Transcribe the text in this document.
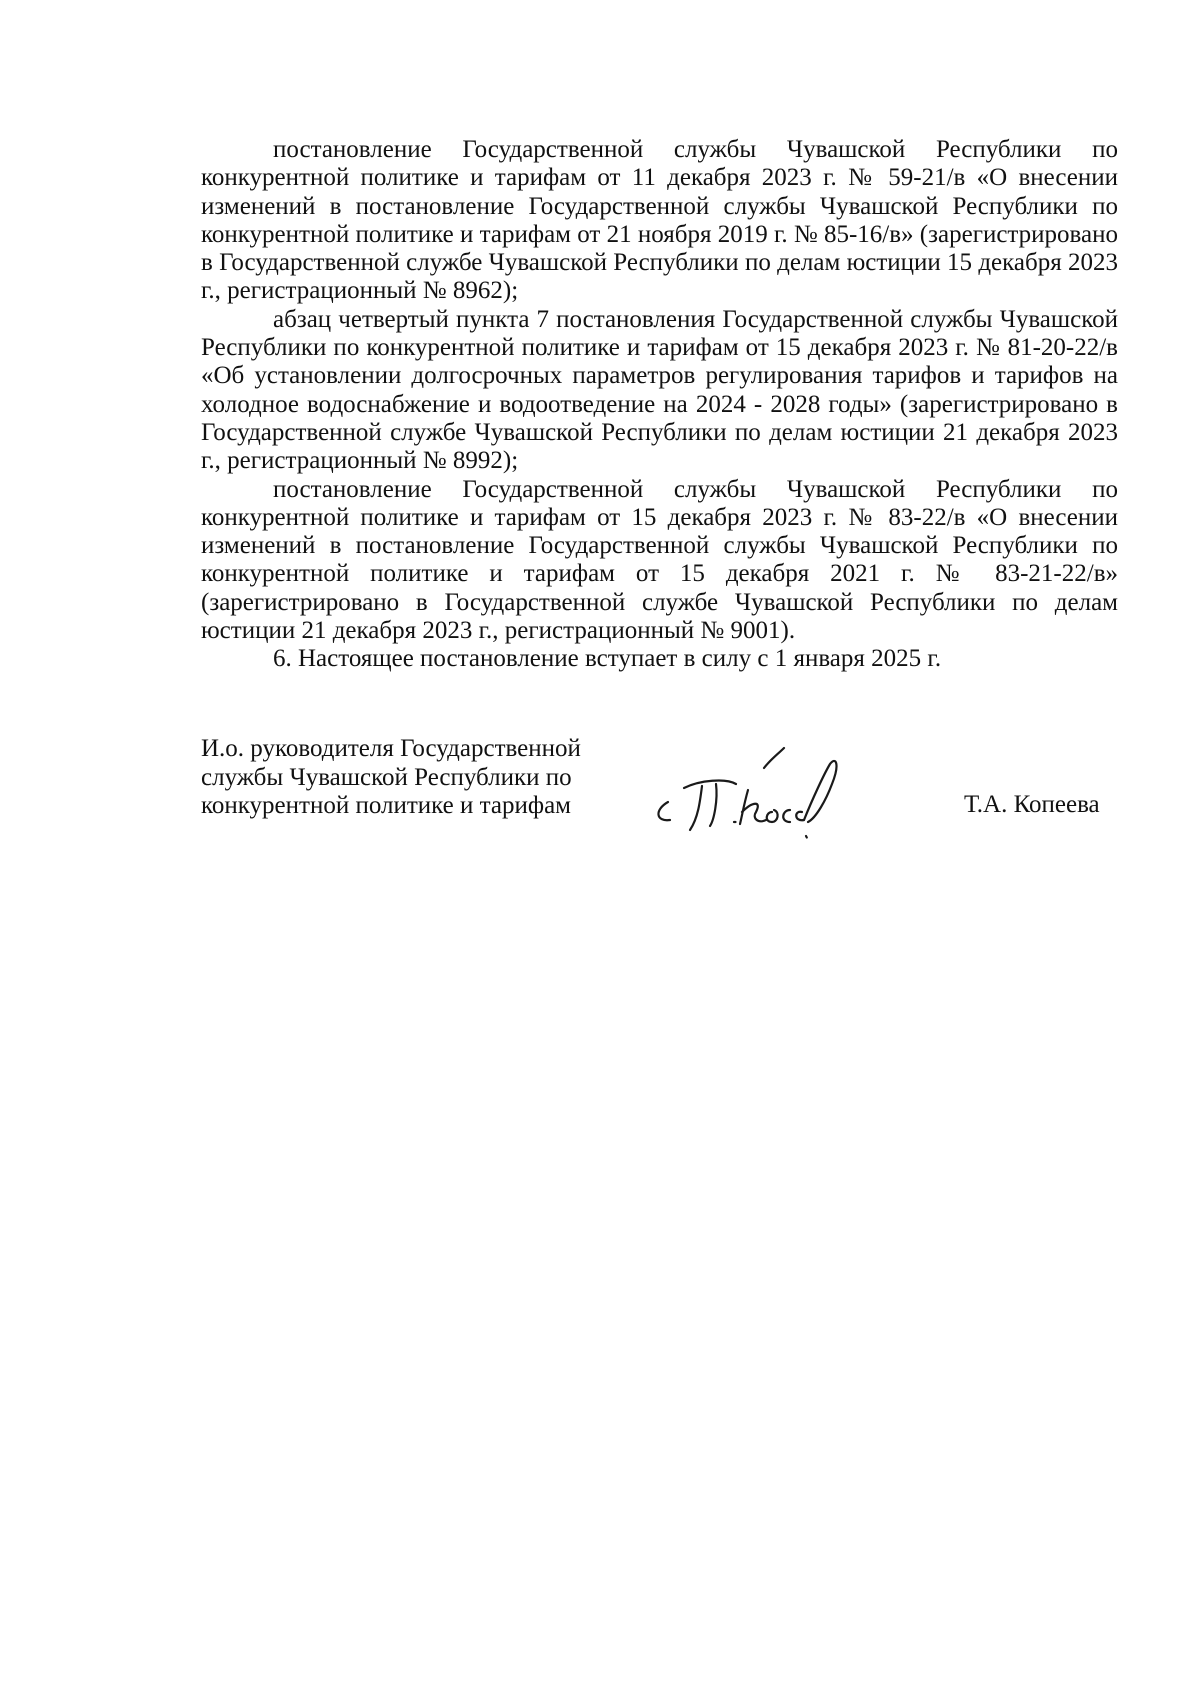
постановление Государственной службы Чувашской Республики по конкурентной политике и тарифам от 11 декабря 2023 г. № 59-21/в «О внесении изменений в постановление Государственной службы Чувашской Республики по конкурентной политике и тарифам от 21 ноября 2019 г. № 85-16/в» (зарегистрировано в Государственной службе Чувашской Республики по делам юстиции 15 декабря 2023 г., регистрационный № 8962);

абзац четвертый пункта 7 постановления Государственной службы Чувашской Республики по конкурентной политике и тарифам от 15 декабря 2023 г. № 81-20-22/в «Об установлении долгосрочных параметров регулирования тарифов и тарифов на холодное водоснабжение и водоотведение на 2024 - 2028 годы» (зарегистрировано в Государственной службе Чувашской Республики по делам юстиции 21 декабря 2023 г., регистрационный № 8992);

постановление Государственной службы Чувашской Республики по конкурентной политике и тарифам от 15 декабря 2023 г. № 83-22/в «О внесении изменений в постановление Государственной службы Чувашской Республики по конкурентной политике и тарифам от 15 декабря 2021 г. № 83-21-22/в» (зарегистрировано в Государственной службе Чувашской Республики по делам юстиции 21 декабря 2023 г., регистрационный № 9001).

6. Настоящее постановление вступает в силу с 1 января 2025 г.

И.о. руководителя Государственной
службы Чувашской Республики по
конкурентной политике и тарифам	Т.А. Копеева
